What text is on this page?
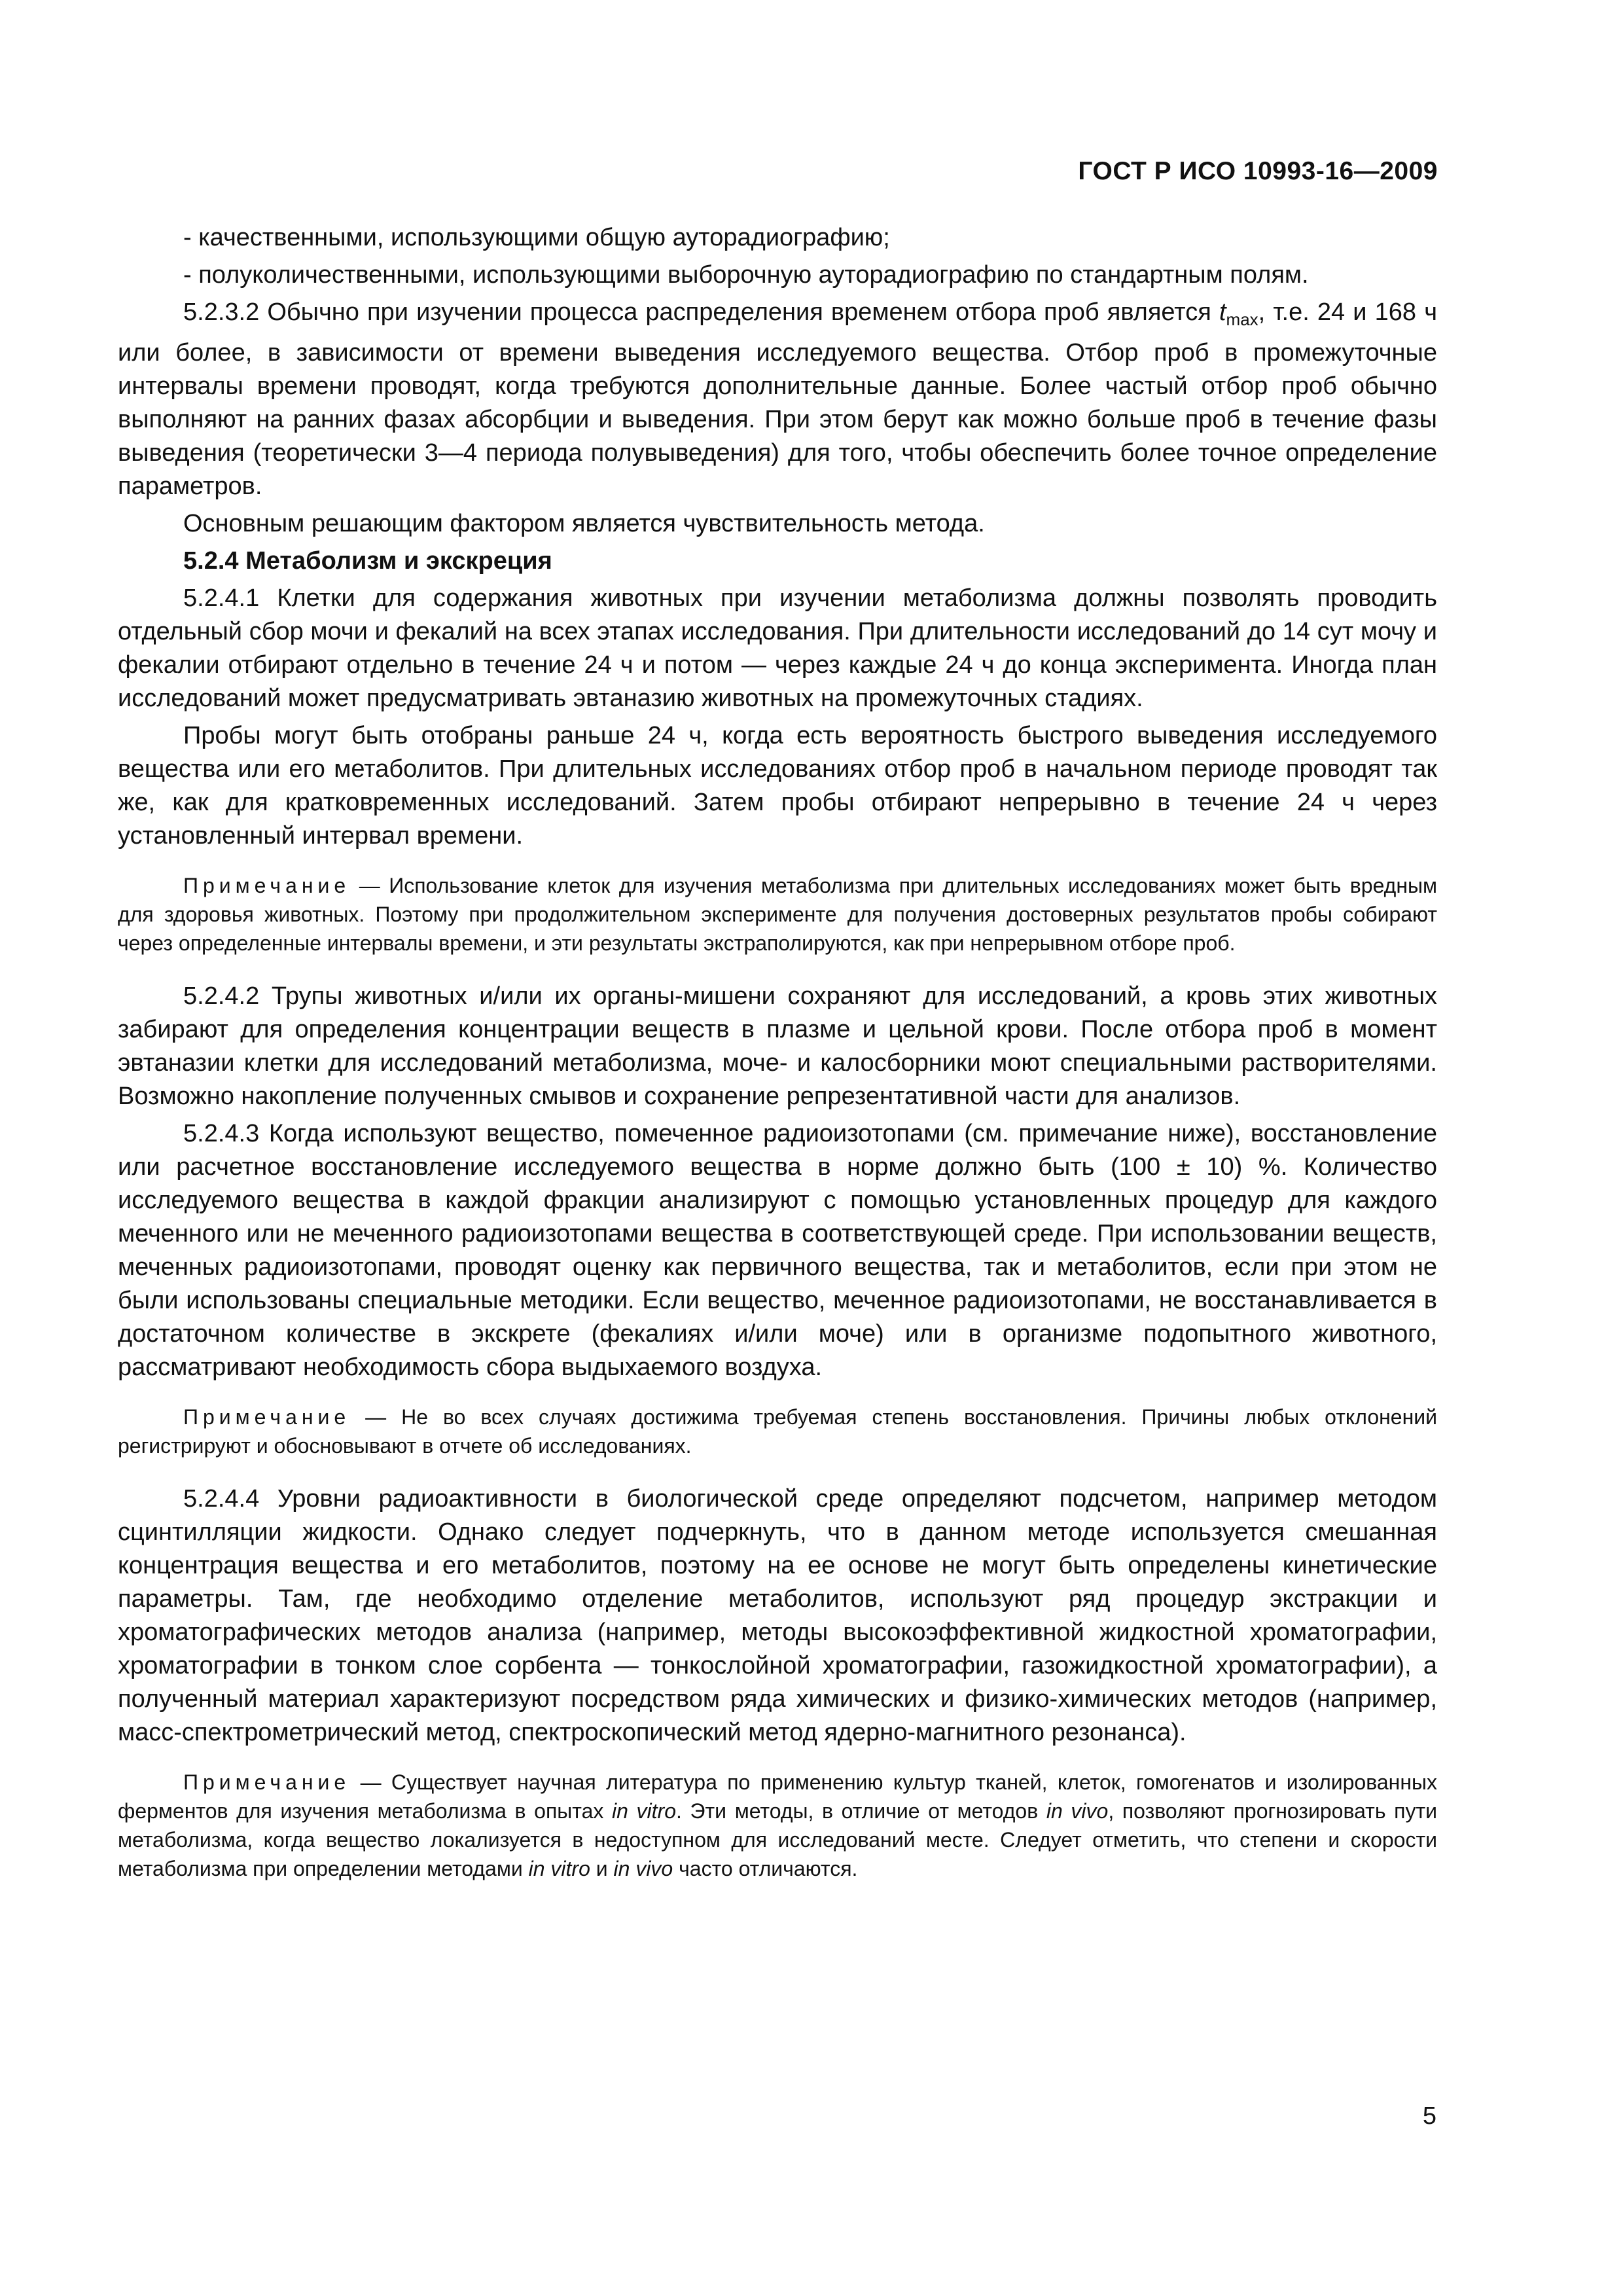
ГОСТ Р ИСО 10993-16—2009

- качественными, использующими общую ауторадиографию;

- полуколичественными, использующими выборочную ауторадиографию по стандартным полям.

5.2.3.2 Обычно при изучении процесса распределения временем отбора проб является $t_{max}$, т.е. 24 и 168 ч или более, в зависимости от времени выведения исследуемого вещества. Отбор проб в промежуточные интервалы времени проводят, когда требуются дополнительные данные. Более частый отбор проб обычно выполняют на ранних фазах абсорбции и выведения. При этом берут как можно больше проб в течение фазы выведения (теоретически 3—4 периода полувыведения) для того, чтобы обеспечить более точное определение параметров.

Основным решающим фактором является чувствительность метода.

5.2.4 Метаболизм и экскреция

5.2.4.1 Клетки для содержания животных при изучении метаболизма должны позволять проводить отдельный сбор мочи и фекалий на всех этапах исследования. При длительности исследований до 14 сут мочу и фекалии отбирают отдельно в течение 24 ч и потом — через каждые 24 ч до конца эксперимента. Иногда план исследований может предусматривать эвтаназию животных на промежуточных стадиях.

Пробы могут быть отобраны раньше 24 ч, когда есть вероятность быстрого выведения исследуемого вещества или его метаболитов. При длительных исследованиях отбор проб в начальном периоде проводят так же, как для кратковременных исследований. Затем пробы отбирают непрерывно в течение 24 ч через установленный интервал времени.

Примечание — Использование клеток для изучения метаболизма при длительных исследованиях может быть вредным для здоровья животных. Поэтому при продолжительном эксперименте для получения достоверных результатов пробы собирают через определенные интервалы времени, и эти результаты экстраполируются, как при непрерывном отборе проб.

5.2.4.2 Трупы животных и/или их органы-мишени сохраняют для исследований, а кровь этих животных забирают для определения концентрации веществ в плазме и цельной крови. После отбора проб в момент эвтаназии клетки для исследований метаболизма, моче- и калосборники моют специальными растворителями. Возможно накопление полученных смывов и сохранение репрезентативной части для анализов.

5.2.4.3 Когда используют вещество, помеченное радиоизотопами (см. примечание ниже), восстановление или расчетное восстановление исследуемого вещества в норме должно быть (100 ± 10) %. Количество исследуемого вещества в каждой фракции анализируют с помощью установленных процедур для каждого меченного или не меченного радиоизотопами вещества в соответствующей среде. При использовании веществ, меченных радиоизотопами, проводят оценку как первичного вещества, так и метаболитов, если при этом не были использованы специальные методики. Если вещество, меченное радиоизотопами, не восстанавливается в достаточном количестве в экскрете (фекалиях и/или моче) или в организме подопытного животного, рассматривают необходимость сбора выдыхаемого воздуха.

Примечание — Не во всех случаях достижима требуемая степень восстановления. Причины любых отклонений регистрируют и обосновывают в отчете об исследованиях.

5.2.4.4 Уровни радиоактивности в биологической среде определяют подсчетом, например методом сцинтилляции жидкости. Однако следует подчеркнуть, что в данном методе используется смешанная концентрация вещества и его метаболитов, поэтому на ее основе не могут быть определены кинетические параметры. Там, где необходимо отделение метаболитов, используют ряд процедур экстракции и хроматографических методов анализа (например, методы высокоэффективной жидкостной хроматографии, хроматографии в тонком слое сорбента — тонкослойной хроматографии, газожидкостной хроматографии), а полученный материал характеризуют посредством ряда химических и физико-химических методов (например, масс-спектрометрический метод, спектроскопический метод ядерно-магнитного резонанса).

Примечание — Существует научная литература по применению культур тканей, клеток, гомогенатов и изолированных ферментов для изучения метаболизма в опытах in vitro. Эти методы, в отличие от методов in vivo, позволяют прогнозировать пути метаболизма, когда вещество локализуется в недоступном для исследований месте. Следует отметить, что степени и скорости метаболизма при определении методами in vitro и in vivo часто отличаются.

5
